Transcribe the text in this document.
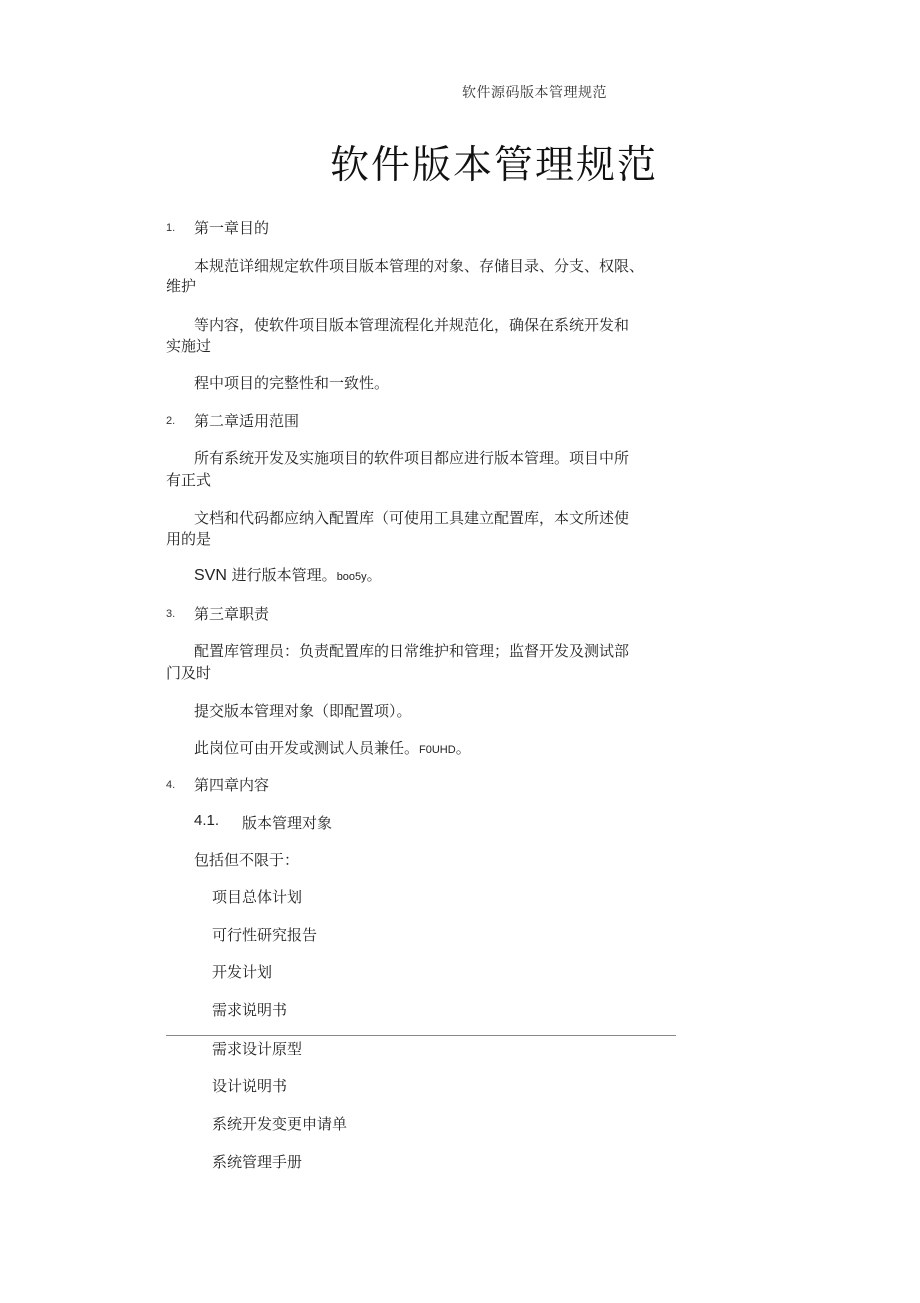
软件源码版本管理规范
软件版本管理规范
1. 第一章目的
本规范详细规定软件项目版本管理的对象、存储目录、分支、权限、
维护
等内容，使软件项目版本管理流程化并规范化，确保在系统开发和
实施过
程中项目的完整性和一致性。
2. 第二章适用范围
所有系统开发及实施项目的软件项目都应进行版本管理。项目中所
有正式
文档和代码都应纳入配置库（可使用工具建立配置库，本文所述使
用的是
SVN 进行版本管理。boo5y。
3. 第三章职责
配置库管理员：负责配置库的日常维护和管理；监督开发及测试部
门及时
提交版本管理对象（即配置项）。
此岗位可由开发或测试人员兼任。F0UHD。
4. 第四章内容
4.1. 版本管理对象
包括但不限于：
项目总体计划
可行性研究报告
开发计划
需求说明书
需求设计原型
设计说明书
系统开发变更申请单
系统管理手册
